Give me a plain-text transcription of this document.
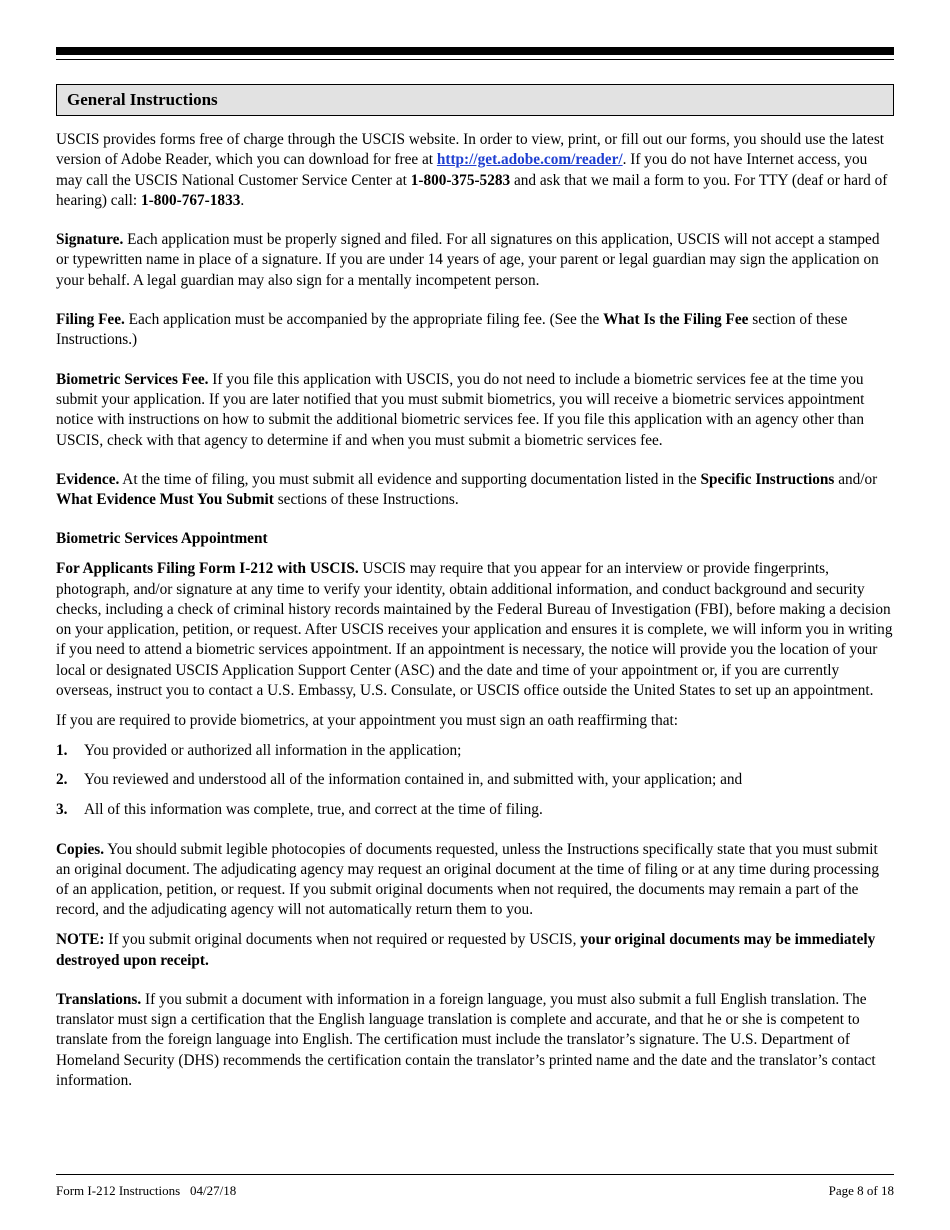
General Instructions

USCIS provides forms free of charge through the USCIS website. In order to view, print, or fill out our forms, you should use the latest version of Adobe Reader, which you can download for free at http://get.adobe.com/reader/. If you do not have Internet access, you may call the USCIS National Customer Service Center at 1-800-375-5283 and ask that we mail a form to you. For TTY (deaf or hard of hearing) call: 1-800-767-1833.

Signature. Each application must be properly signed and filed. For all signatures on this application, USCIS will not accept a stamped or typewritten name in place of a signature. If you are under 14 years of age, your parent or legal guardian may sign the application on your behalf. A legal guardian may also sign for a mentally incompetent person.

Filing Fee. Each application must be accompanied by the appropriate filing fee. (See the What Is the Filing Fee section of these Instructions.)

Biometric Services Fee. If you file this application with USCIS, you do not need to include a biometric services fee at the time you submit your application. If you are later notified that you must submit biometrics, you will receive a biometric services appointment notice with instructions on how to submit the additional biometric services fee. If you file this application with an agency other than USCIS, check with that agency to determine if and when you must submit a biometric services fee.

Evidence. At the time of filing, you must submit all evidence and supporting documentation listed in the Specific Instructions and/or What Evidence Must You Submit sections of these Instructions.

Biometric Services Appointment

For Applicants Filing Form I-212 with USCIS. USCIS may require that you appear for an interview or provide fingerprints, photograph, and/or signature at any time to verify your identity, obtain additional information, and conduct background and security checks, including a check of criminal history records maintained by the Federal Bureau of Investigation (FBI), before making a decision on your application, petition, or request. After USCIS receives your application and ensures it is complete, we will inform you in writing if you need to attend a biometric services appointment. If an appointment is necessary, the notice will provide you the location of your local or designated USCIS Application Support Center (ASC) and the date and time of your appointment or, if you are currently overseas, instruct you to contact a U.S. Embassy, U.S. Consulate, or USCIS office outside the United States to set up an appointment.

If you are required to provide biometrics, at your appointment you must sign an oath reaffirming that:

1.	You provided or authorized all information in the application;
2.	You reviewed and understood all of the information contained in, and submitted with, your application; and
3.	All of this information was complete, true, and correct at the time of filing.

Copies. You should submit legible photocopies of documents requested, unless the Instructions specifically state that you must submit an original document. The adjudicating agency may request an original document at the time of filing or at any time during processing of an application, petition, or request. If you submit original documents when not required, the documents may remain a part of the record, and the adjudicating agency will not automatically return them to you.

NOTE: If you submit original documents when not required or requested by USCIS, your original documents may be immediately destroyed upon receipt.

Translations. If you submit a document with information in a foreign language, you must also submit a full English translation. The translator must sign a certification that the English language translation is complete and accurate, and that he or she is competent to translate from the foreign language into English. The certification must include the translator’s signature. The U.S. Department of Homeland Security (DHS) recommends the certification contain the translator’s printed name and the date and the translator’s contact information.

Form I-212 Instructions 04/27/18	Page 8 of 18
